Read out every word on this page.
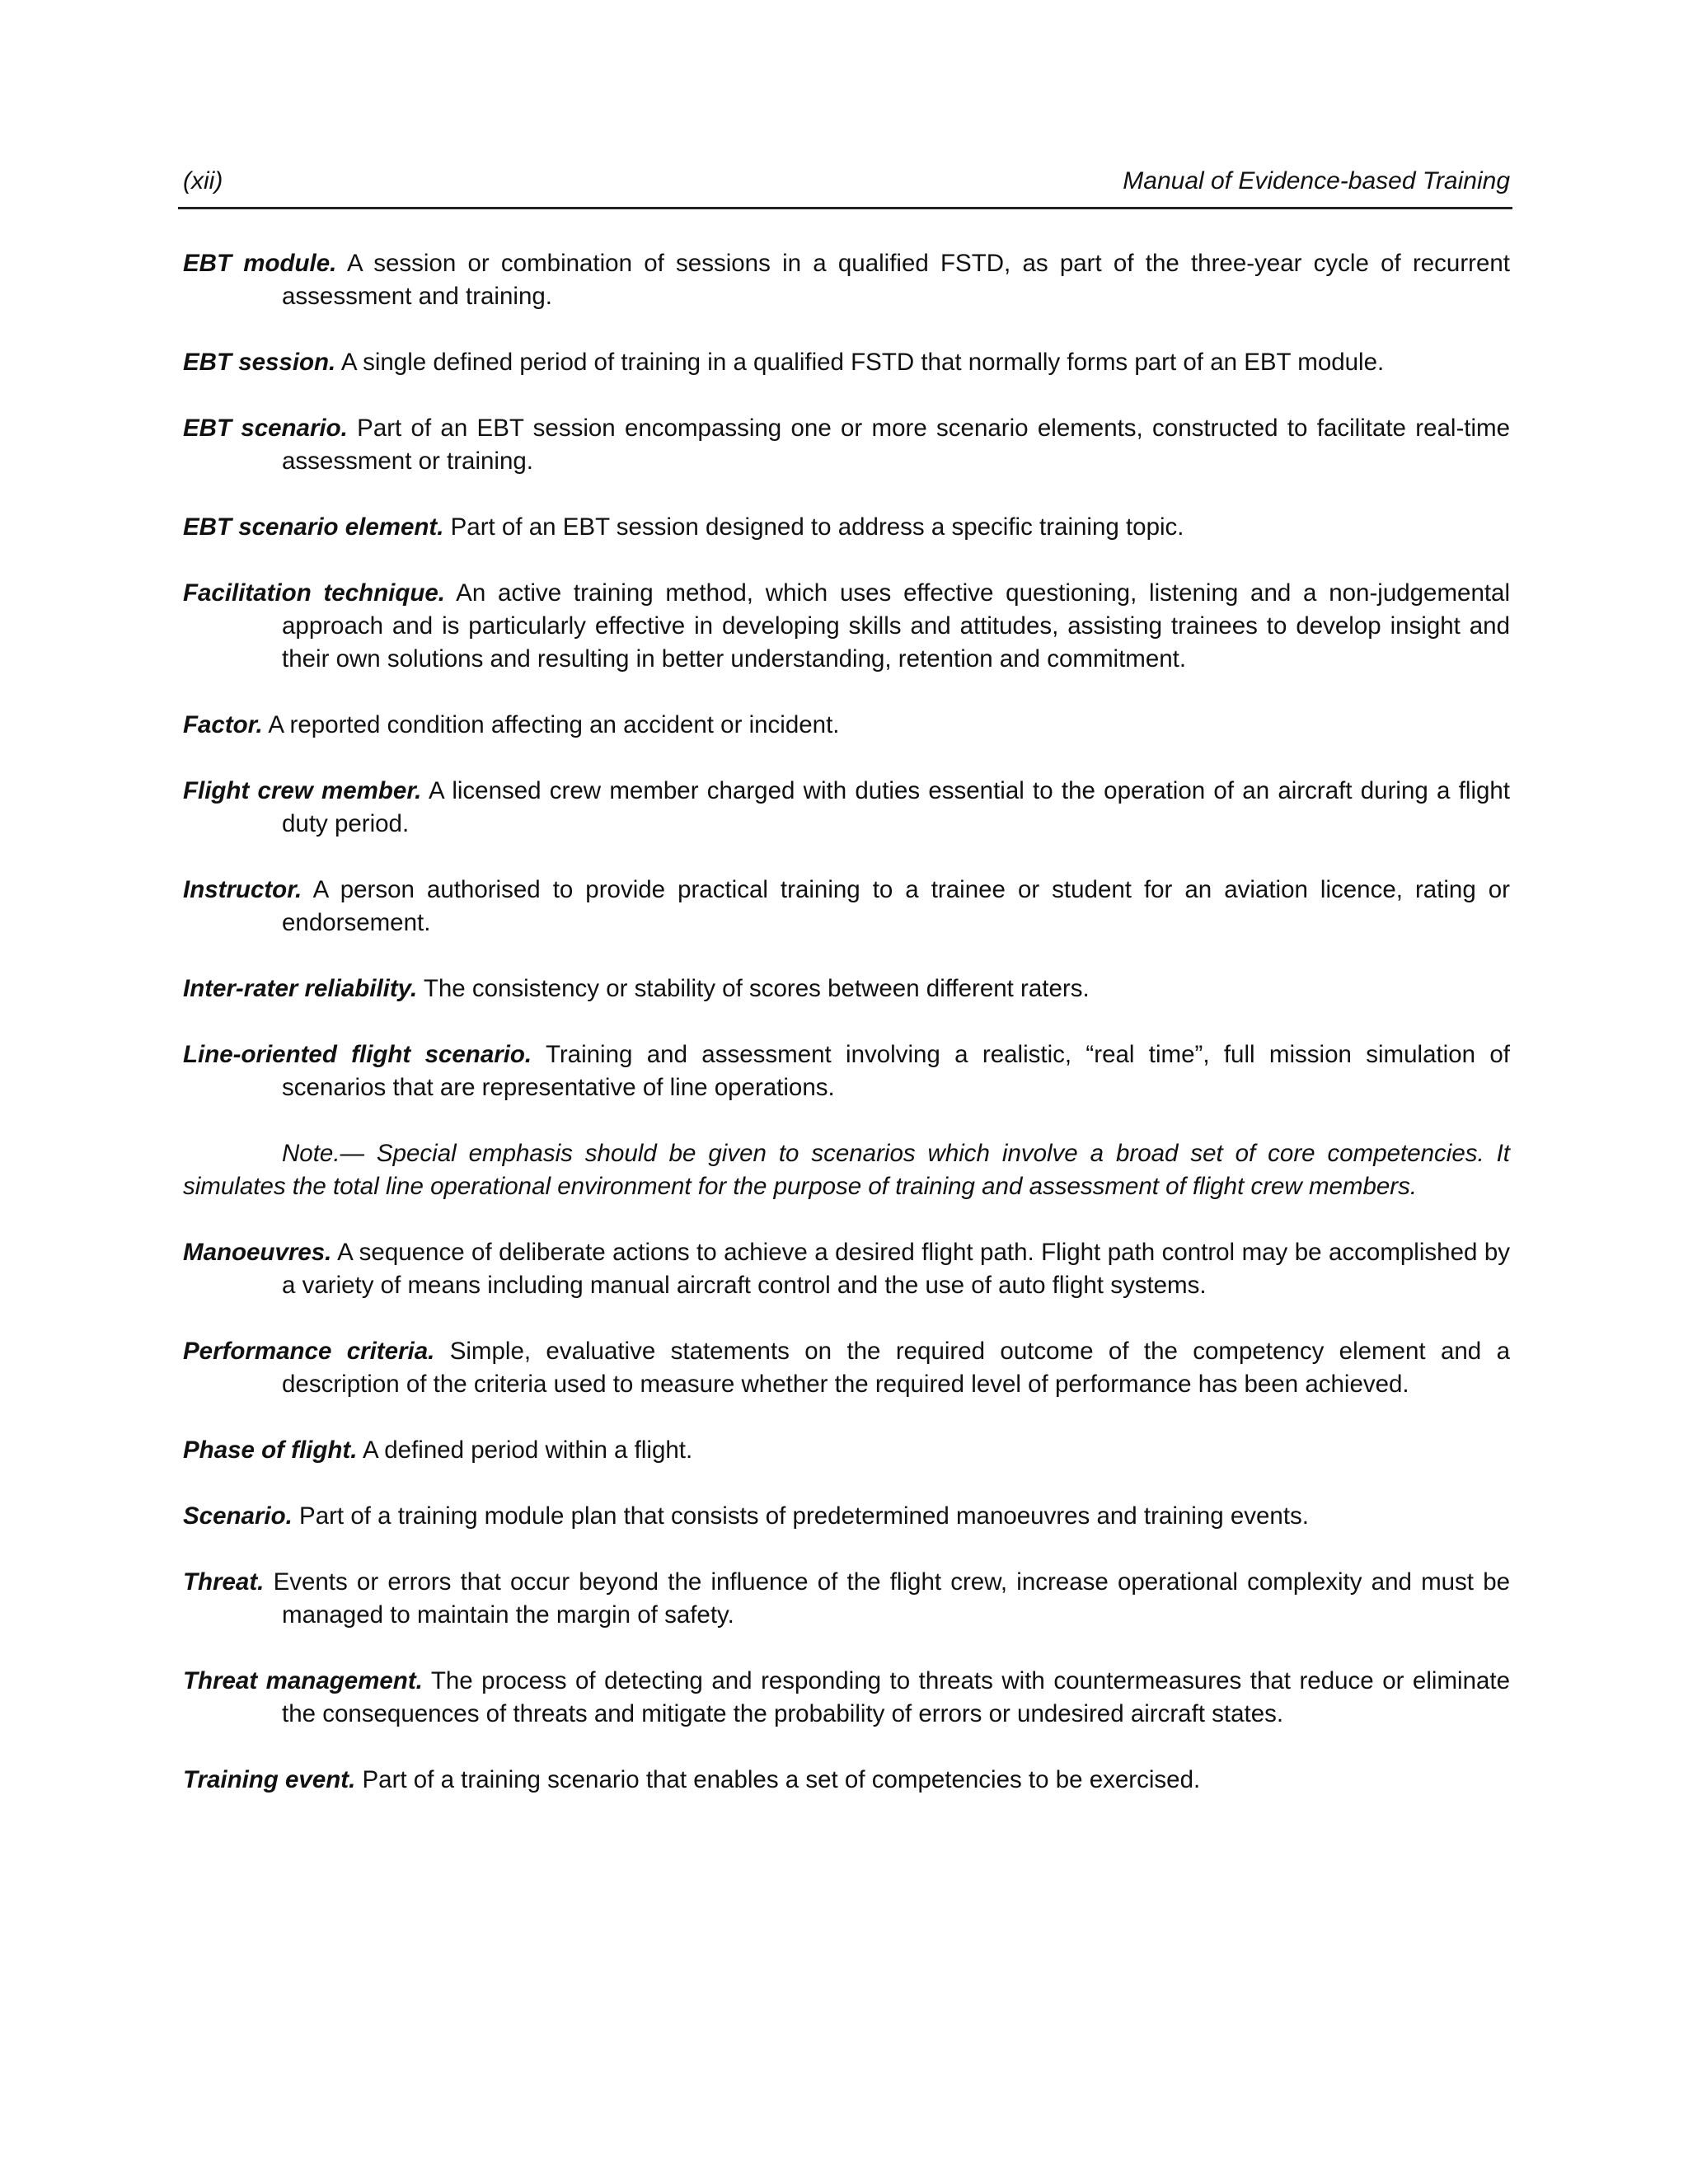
(xii)	Manual of Evidence-based Training

EBT module. A session or combination of sessions in a qualified FSTD, as part of the three-year cycle of recurrent assessment and training.

EBT session. A single defined period of training in a qualified FSTD that normally forms part of an EBT module.

EBT scenario. Part of an EBT session encompassing one or more scenario elements, constructed to facilitate real-time assessment or training.

EBT scenario element. Part of an EBT session designed to address a specific training topic.

Facilitation technique. An active training method, which uses effective questioning, listening and a non-judgemental approach and is particularly effective in developing skills and attitudes, assisting trainees to develop insight and their own solutions and resulting in better understanding, retention and commitment.

Factor. A reported condition affecting an accident or incident.

Flight crew member. A licensed crew member charged with duties essential to the operation of an aircraft during a flight duty period.

Instructor. A person authorised to provide practical training to a trainee or student for an aviation licence, rating or endorsement.

Inter-rater reliability. The consistency or stability of scores between different raters.

Line-oriented flight scenario. Training and assessment involving a realistic, “real time”, full mission simulation of scenarios that are representative of line operations.

Note.— Special emphasis should be given to scenarios which involve a broad set of core competencies. It simulates the total line operational environment for the purpose of training and assessment of flight crew members.

Manoeuvres. A sequence of deliberate actions to achieve a desired flight path. Flight path control may be accomplished by a variety of means including manual aircraft control and the use of auto flight systems.

Performance criteria. Simple, evaluative statements on the required outcome of the competency element and a description of the criteria used to measure whether the required level of performance has been achieved.

Phase of flight. A defined period within a flight.

Scenario. Part of a training module plan that consists of predetermined manoeuvres and training events.

Threat. Events or errors that occur beyond the influence of the flight crew, increase operational complexity and must be managed to maintain the margin of safety.

Threat management. The process of detecting and responding to threats with countermeasures that reduce or eliminate the consequences of threats and mitigate the probability of errors or undesired aircraft states.

Training event. Part of a training scenario that enables a set of competencies to be exercised.
